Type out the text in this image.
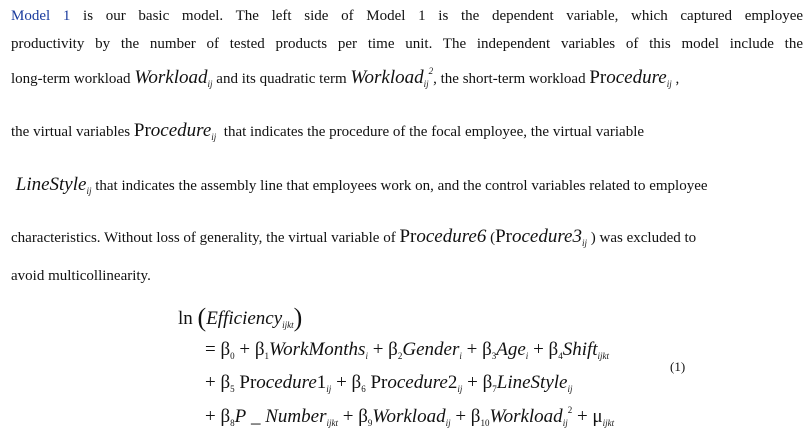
Model 1 is our basic model. The left side of Model 1 is the dependent variable, which captured employee
productivity by the number of tested products per time unit. The independent variables of this model include the
long-term workload Workload$_{ij}$ and its quadratic term Workload$_{ij}^2$, the short-term workload Procedure$_{ij}$ ,
the virtual variables Procedure$_{ij}$ that indicates the procedure of the focal employee, the virtual variable
LineStyle$_{ij}$ that indicates the assembly line that employees work on, and the control variables related to employee
characteristics. Without loss of generality, the virtual variable of Procedure6 ($Procedure3_{ij}$ ) was excluded to
avoid multicollinearity.
ln (Efficiency$_{ijkt}$)
= $\beta_0$ + $\beta_1WorkMonths_i$ + $\beta_2Gender_i + \beta_3Age_i$ + $\beta_4Shift_{ijkt}$
+ $\beta_5$ $Procedure1_{ij} + \beta_6$ $Procedure2_{ij}$ + $\beta_7LineStyle_{ij}$
(1)
+ $\beta_8P$ _ Number$_{ijkt}$ + $\beta_9Workload_{ij}$ + $\beta_{10}Workload_{ij}^2 + \mu_{ijkt}$
